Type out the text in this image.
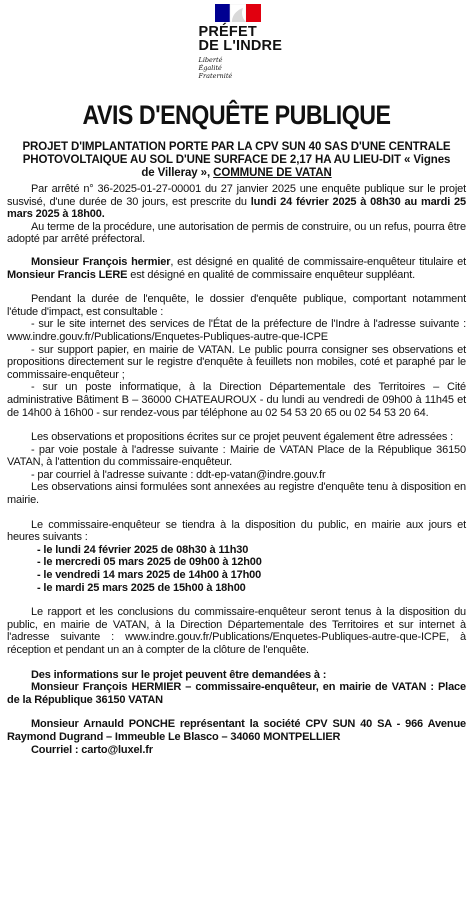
PRÉFET
DE L'INDRE
Liberté
Égalité
Fraternité
AVIS D'ENQUÊTE PUBLIQUE
PROJET D'IMPLANTATION PORTE PAR LA CPV SUN 40 SAS D'UNE CENTRALE
PHOTOVOLTAIQUE AU SOL D'UNE SURFACE DE 2,17 HA AU LIEU-DIT « Vignes
de Villeray », COMMUNE DE VATAN

Par arrêté n° 36-2025-01-27-00001 du 27 janvier 2025 une enquête publique sur le projet susvisé, d'une durée de 30 jours, est prescrite du lundi 24 février 2025 à 08h30 au mardi 25 mars 2025 à 18h00.

Au terme de la procédure, une autorisation de permis de construire, ou un refus, pourra être adopté par arrêté préfectoral.

Monsieur François hermier, est désigné en qualité de commissaire-enquêteur titulaire et Monsieur Francis LERE est désigné en qualité de commissaire enquêteur suppléant.

Pendant la durée de l'enquête, le dossier d'enquête publique, comportant notamment l'étude d'impact, est consultable :

- sur le site internet des services de l'État de la préfecture de l'Indre à l'adresse suivante : www.indre.gouv.fr/Publications/Enquetes-Publiques-autre-que-ICPE

- sur support papier, en mairie de VATAN. Le public pourra consigner ses observations et propositions directement sur le registre d'enquête à feuillets non mobiles, coté et paraphé par le commissaire-enquêteur ;

- sur un poste informatique, à la Direction Départementale des Territoires – Cité administrative Bâtiment B – 36000 CHATEAUROUX - du lundi au vendredi de 09h00 à 11h45 et de 14h00 à 16h00 - sur rendez-vous par téléphone au 02 54 53 20 65 ou 02 54 53 20 64.

Les observations et propositions écrites sur ce projet peuvent également être adressées :

- par voie postale à l'adresse suivante : Mairie de VATAN Place de la République 36150 VATAN, à l'attention du commissaire-enquêteur.

- par courriel à l'adresse suivante : ddt-ep-vatan@indre.gouv.fr

Les observations ainsi formulées sont annexées au registre d'enquête tenu à disposition en mairie.

Le commissaire-enquêteur se tiendra à la disposition du public, en mairie aux jours et heures suivants :

- le lundi 24 février 2025 de 08h30 à 11h30

- le mercredi 05 mars 2025 de 09h00 à 12h00

- le vendredi 14 mars 2025 de 14h00 à 17h00

- le mardi 25 mars 2025 de 15h00 à 18h00

Le rapport et les conclusions du commissaire-enquêteur seront tenus à la disposition du public, en mairie de VATAN, à la Direction Départementale des Territoires et sur internet à l'adresse suivante : www.indre.gouv.fr/Publications/Enquetes-Publiques-autre-que-ICPE, à réception et pendant un an à compter de la clôture de l'enquête.

Des informations sur le projet peuvent être demandées à :

Monsieur François HERMIER – commissaire-enquêteur, en mairie de VATAN : Place de la République 36150 VATAN

Monsieur Arnauld PONCHE représentant la société CPV SUN 40 SA - 966 Avenue Raymond Dugrand – Immeuble Le Blasco – 34060 MONTPELLIER

Courriel : carto@luxel.fr
